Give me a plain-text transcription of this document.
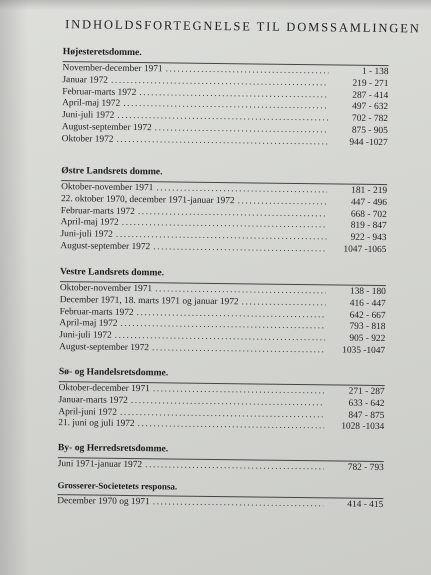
INDHOLDSFORTEGNELSE TIL DOMSSAMLINGEN
Højesteretsdomme.
November-december 1971 .....	1 - 138
Januar 1972 .....	219 - 271
Februar-marts 1972 .....	287 - 414
April-maj 1972 .....	497 - 632
Juni-juli 1972 .....	702 - 782
August-september 1972 .....	875 - 905
Oktober 1972 .....	944 -1027
Østre Landsrets domme.
Oktober-november 1971 .....	181 - 219
22. oktober 1970, december 1971-januar 1972 .....	447 - 496
Februar-marts 1972 .....	668 - 702
April-maj 1972 .....	819 - 847
Juni-juli 1972 .....	922 - 943
August-september 1972 .....	1047 -1065
Vestre Landsrets domme.
Oktober-november 1971 .....	138 - 180
December 1971, 18. marts 1971 og januar 1972 .....	416 - 447
Februar-marts 1972 .....	642 - 667
April-maj 1972 .....	793 - 818
Juni-juli 1972 .....	905 - 922
August-september 1972 .....	1035 -1047
Sø- og Handelsretsdomme.
Oktober-december 1971 .....	271 - 287
Januar-marts 1972 .....	633 - 642
April-juni 1972 .....	847 - 875
21. juni og juli 1972 .....	1028 -1034
By- og Herredsretsdomme.
Juni 1971-januar 1972 .....	782 - 793
Grosserer-Societetets responsa.
December 1970 og 1971 .....	414 - 415
